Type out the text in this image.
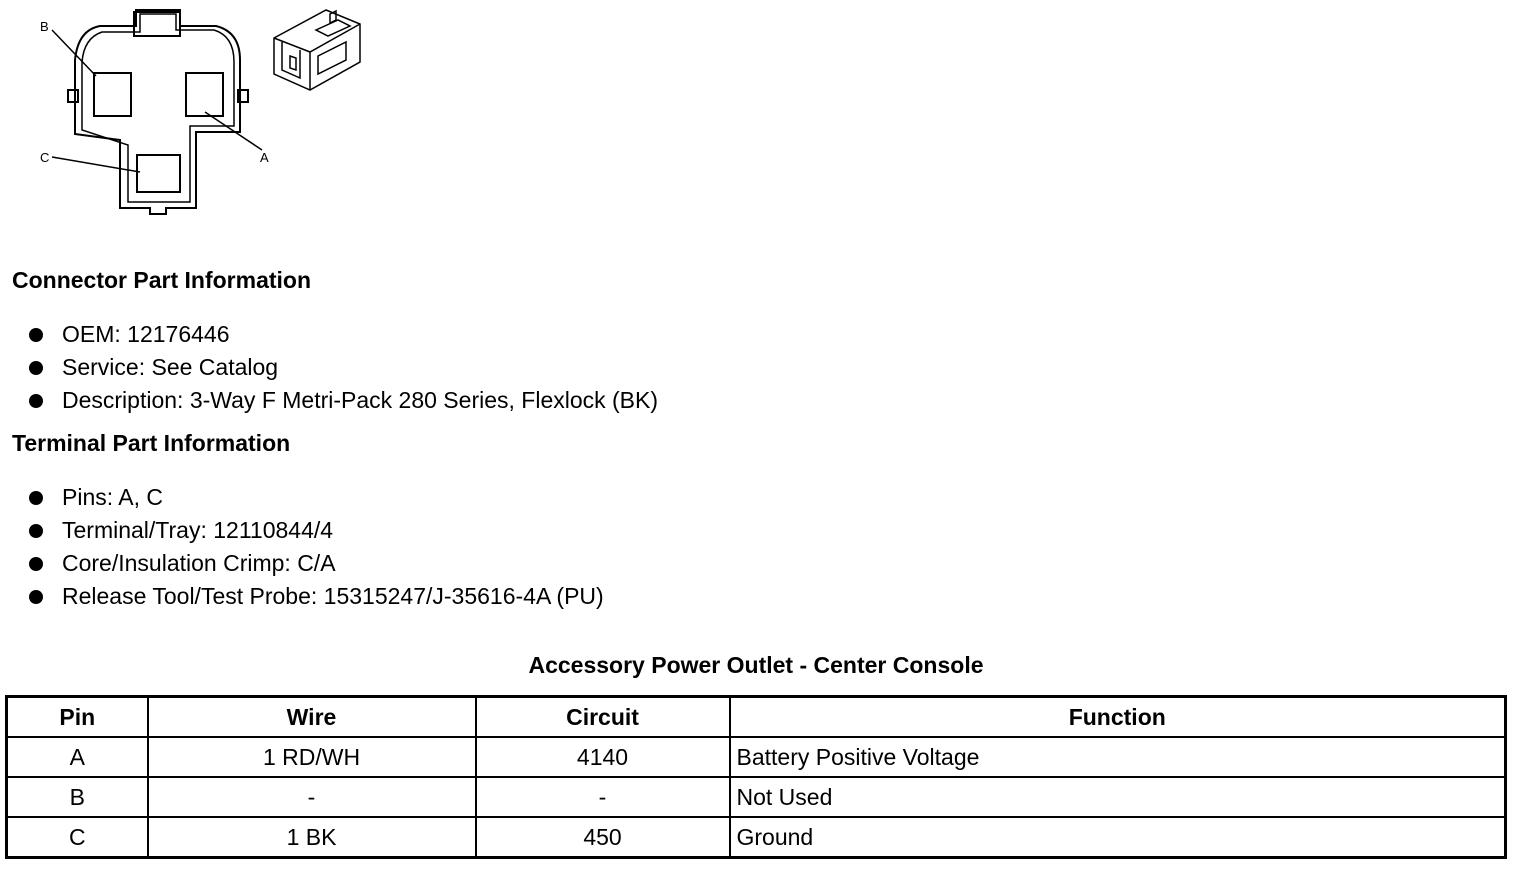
B
A
C
Connector Part Information
OEM: 12176446
Service: See Catalog
Description: 3-Way F Metri-Pack 280 Series, Flexlock (BK)
Terminal Part Information
Pins: A, C
Terminal/Tray: 12110844/4
Core/Insulation Crimp: C/A
Release Tool/Test Probe: 15315247/J-35616-4A (PU)
Accessory Power Outlet - Center Console
Pin	Wire	Circuit	Function
A	1 RD/WH	4140	Battery Positive Voltage
B	-	-	Not Used
C	1 BK	450	Ground
